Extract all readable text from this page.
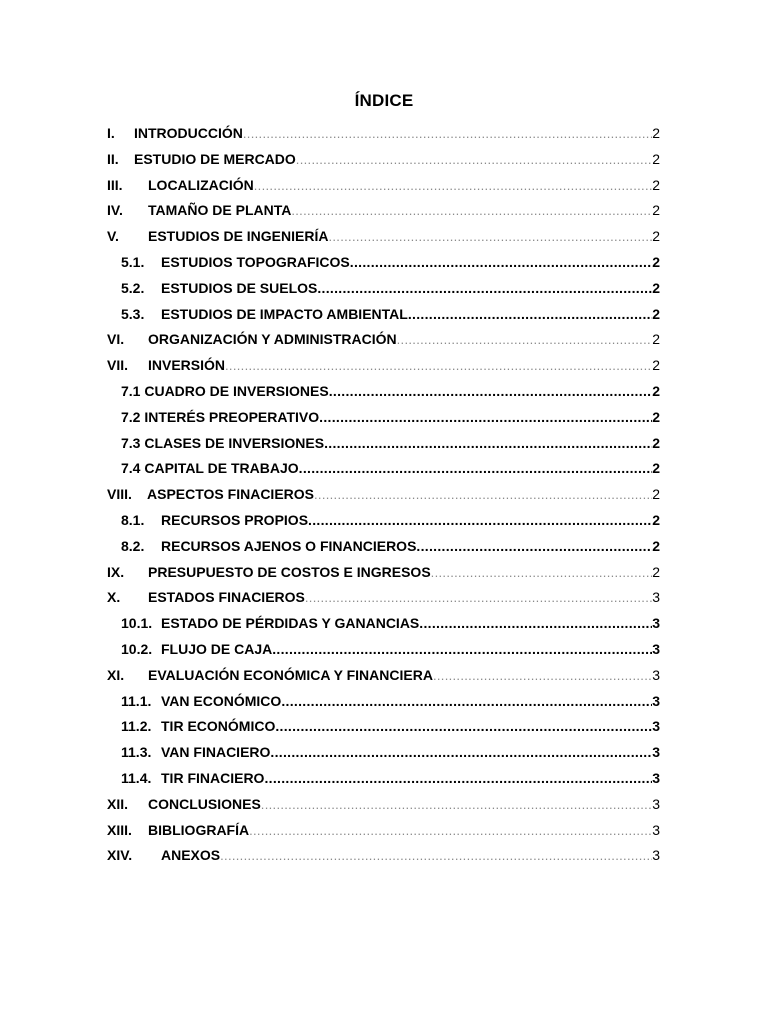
ÍNDICE
I. INTRODUCCIÓN .....	2
II. ESTUDIO DE MERCADO .....	2
III. LOCALIZACIÓN .....	2
IV. TAMAÑO DE PLANTA .....	2
V. ESTUDIOS DE INGENIERÍA .....	2
5.1. ESTUDIOS TOPOGRAFICOS .....	2
5.2. ESTUDIOS DE SUELOS .....	2
5.3. ESTUDIOS DE IMPACTO AMBIENTAL .....	2
VI. ORGANIZACIÓN Y ADMINISTRACIÓN .....	2
VII. INVERSIÓN .....	2
7.1 CUADRO DE INVERSIONES .....	2
7.2 INTERÉS PREOPERATIVO .....	2
7.3 CLASES DE INVERSIONES .....	2
7.4 CAPITAL DE TRABAJO .....	2
VIII. ASPECTOS FINACIEROS .....	2
8.1. RECURSOS PROPIOS .....	2
8.2. RECURSOS AJENOS O FINANCIEROS .....	2
IX. PRESUPUESTO DE COSTOS E INGRESOS .....	2
X. ESTADOS FINACIEROS .....	3
10.1. ESTADO DE PÉRDIDAS Y GANANCIAS .....	3
10.2. FLUJO DE CAJA .....	3
XI. EVALUACIÓN ECONÓMICA Y FINANCIERA .....	3
11.1. VAN ECONÓMICO .....	3
11.2. TIR ECONÓMICO .....	3
11.3. VAN FINACIERO .....	3
11.4. TIR FINACIERO .....	3
XII. CONCLUSIONES .....	3
XIII. BIBLIOGRAFÍA .....	3
XIV. ANEXOS .....	3
